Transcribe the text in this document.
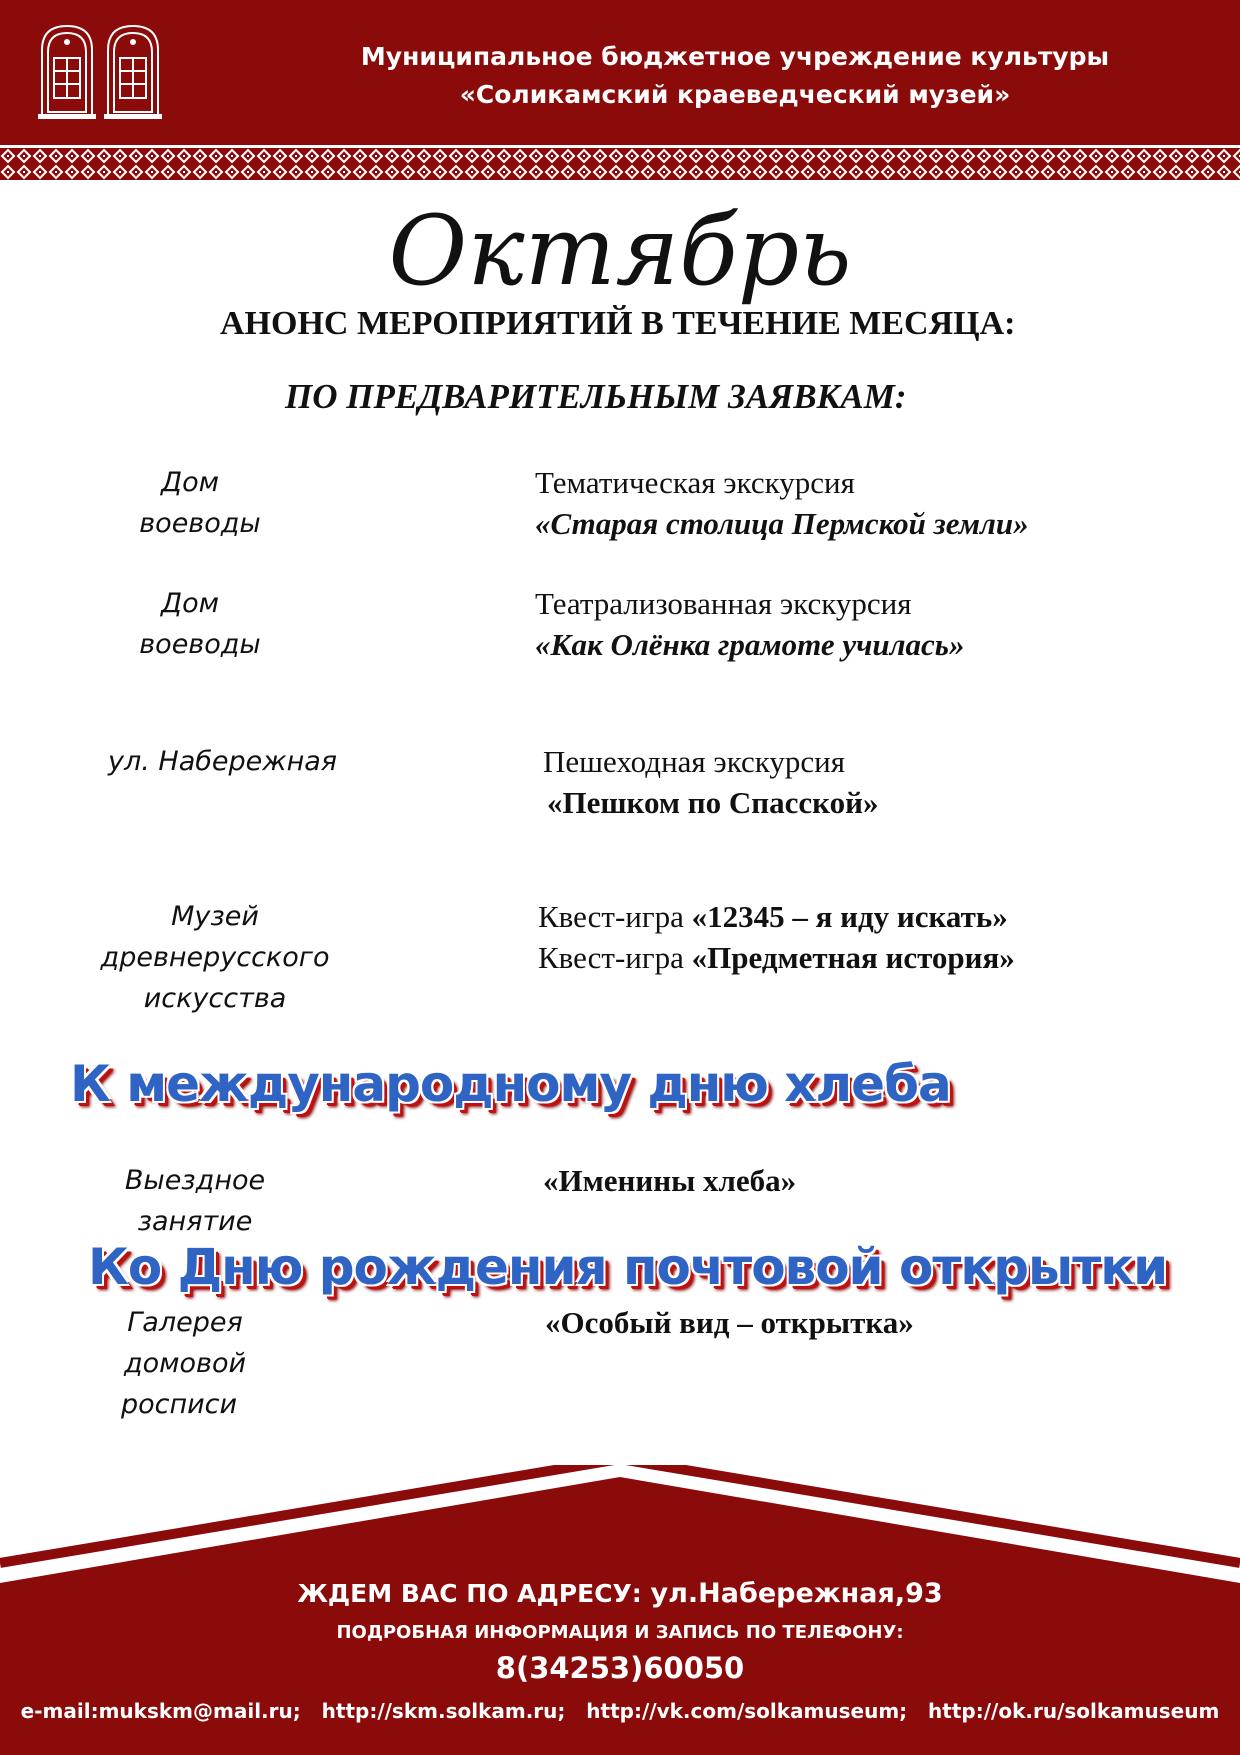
Муниципальное бюджетное учреждение культуры
«Соликамский краеведческий музей»
Октябрь
АНОНС МЕРОПРИЯТИЙ В ТЕЧЕНИЕ МЕСЯЦА:
ПО ПРЕДВАРИТЕЛЬНЫМ ЗАЯВКАМ:
Дом
воеводы
Тематическая экскурсия
«Старая столица Пермской земли»
Дом
воеводы
Театрализованная экскурсия
«Как Олёнка грамоте училась»
ул. Набережная	Пешеходная экскурсия
«Пешком по Спасской»
Музей
древнерусского
искусства
Квест-игра «12345 – я иду искать»
Квест-игра «Предметная история»
К международному дню хлеба
Выездное
занятие
«Именины хлеба»
Ко Дню рождения почтовой открытки
Галерея
домовой
росписи
«Особый вид – открытка»
ЖДЕМ ВАС ПО АДРЕСУ: ул.Набережная,93
ПОДРОБНАЯ ИНФОРМАЦИЯ И ЗАПИСЬ ПО ТЕЛЕФОНУ:
8(34253)60050
e-mail:mukskm@mail.ru;   http://skm.solkam.ru;   http://vk.com/solkamuseum;   http://ok.ru/solkamuseum
